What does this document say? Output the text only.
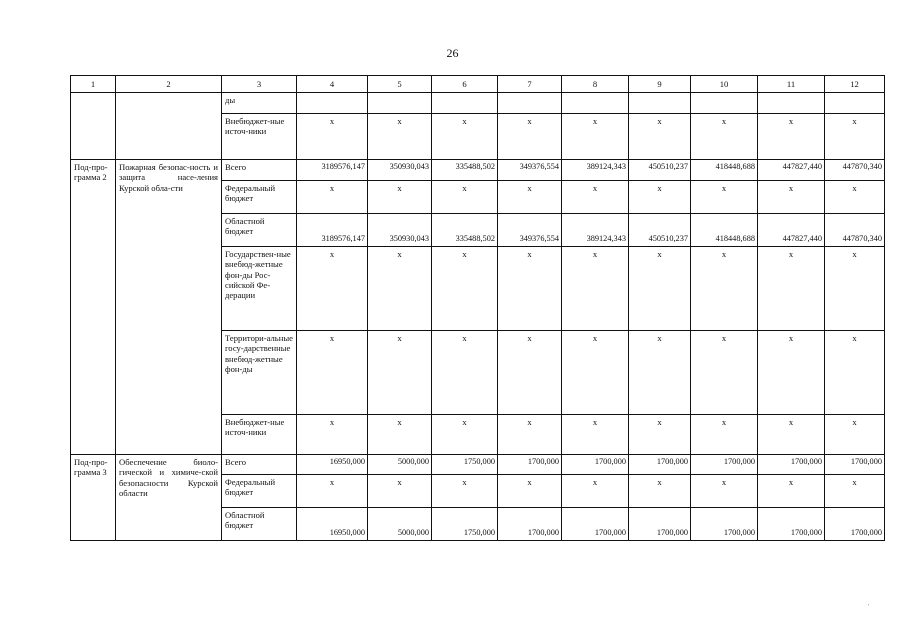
26
1	2	3	4	5	6	7	8	9	10	11	12
		ды									
		Внебюджет-ные источ-ники	x	x	x	x	x	x	x	x	x
Под-про-грамма 2	Пожарная безопас-ность и защита насе-ления Курской обла-сти	Всего	3189576,147	350930,043	335488,502	349376,554	389124,343	450510,237	418448,688	447827,440	447870,340
		Федеральный бюджет	x	x	x	x	x	x	x	x	x
		Областной бюджет	3189576,147	350930,043	335488,502	349376,554	389124,343	450510,237	418448,688	447827,440	447870,340
		Государствен-ные внебюд-жетные фон-ды Рос-сийской Фе-дерации	x	x	x	x	x	x	x	x	x
		Территори-альные госу-дарственные внебюд-жетные фон-ды	x	x	x	x	x	x	x	x	x
		Внебюджет-ные источ-ники	x	x	x	x	x	x	x	x	x
Под-про-грамма 3	Обеспечение биоло-гической и химиче-ской безопасности Курской области	Всего	16950,000	5000,000	1750,000	1700,000	1700,000	1700,000	1700,000	1700,000	1700,000
		Федеральный бюджет	x	x	x	x	x	x	x	x	x
		Областной бюджет	16950,000	5000,000	1750,000	1700,000	1700,000	1700,000	1700,000	1700,000	1700,000
'
